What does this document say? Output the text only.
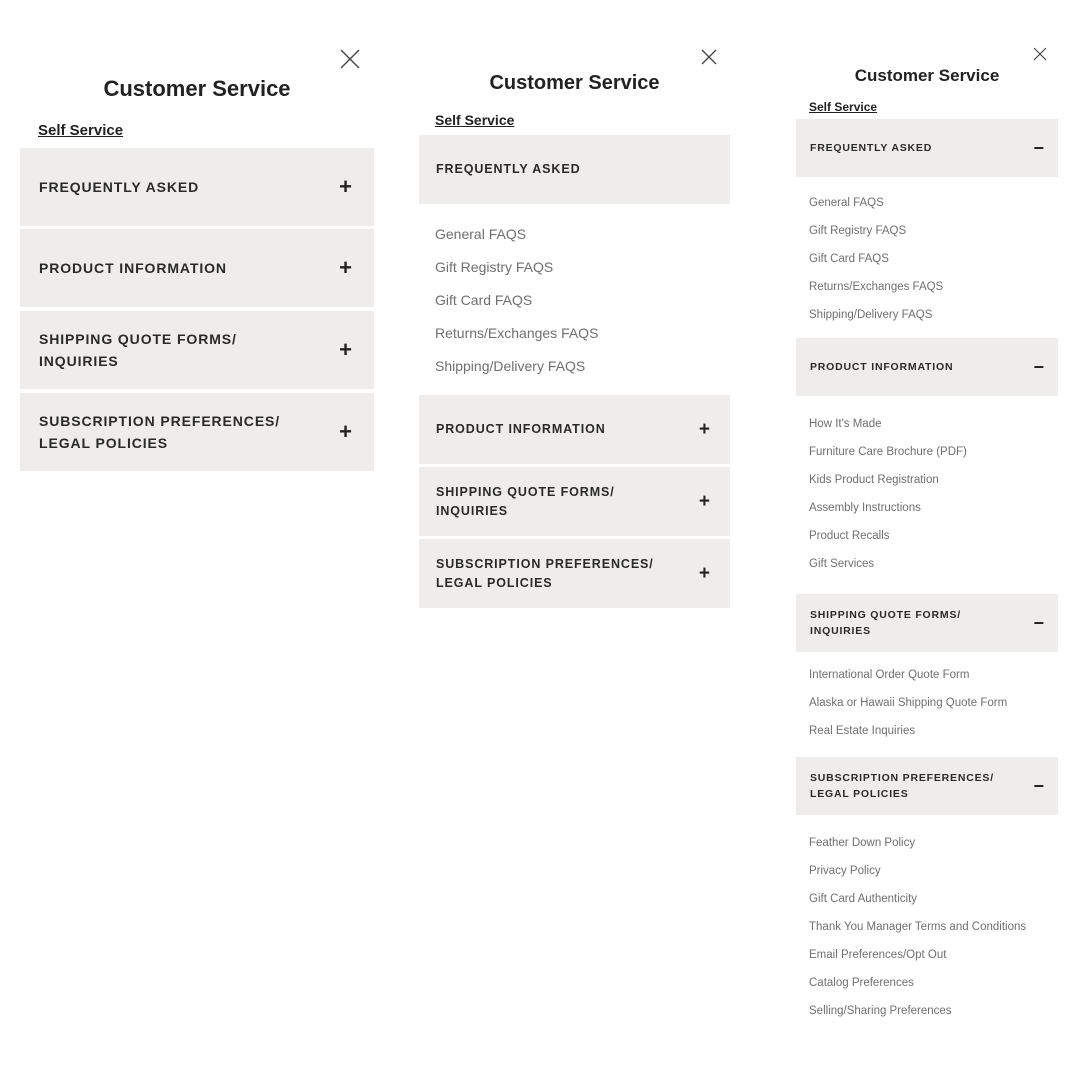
Customer Service
Self Service
FREQUENTLY ASKED	+
PRODUCT INFORMATION	+
SHIPPING QUOTE FORMS/
INQUIRIES	+
SUBSCRIPTION PREFERENCES/
LEGAL POLICIES	+
Customer Service
Self Service
FREQUENTLY ASKED
General FAQS
Gift Registry FAQS
Gift Card FAQS
Returns/Exchanges FAQS
Shipping/Delivery FAQS
PRODUCT INFORMATION	+
SHIPPING QUOTE FORMS/
INQUIRIES	+
SUBSCRIPTION PREFERENCES/
LEGAL POLICIES	+
Customer Service
Self Service
FREQUENTLY ASKED	−
General FAQS
Gift Registry FAQS
Gift Card FAQS
Returns/Exchanges FAQS
Shipping/Delivery FAQS
PRODUCT INFORMATION	−
How It's Made
Furniture Care Brochure (PDF)
Kids Product Registration
Assembly Instructions
Product Recalls
Gift Services
SHIPPING QUOTE FORMS/
INQUIRIES	−
International Order Quote Form
Alaska or Hawaii Shipping Quote Form
Real Estate Inquiries
SUBSCRIPTION PREFERENCES/
LEGAL POLICIES	−
Feather Down Policy
Privacy Policy
Gift Card Authenticity
Thank You Manager Terms and Conditions
Email Preferences/Opt Out
Catalog Preferences
Selling/Sharing Preferences
